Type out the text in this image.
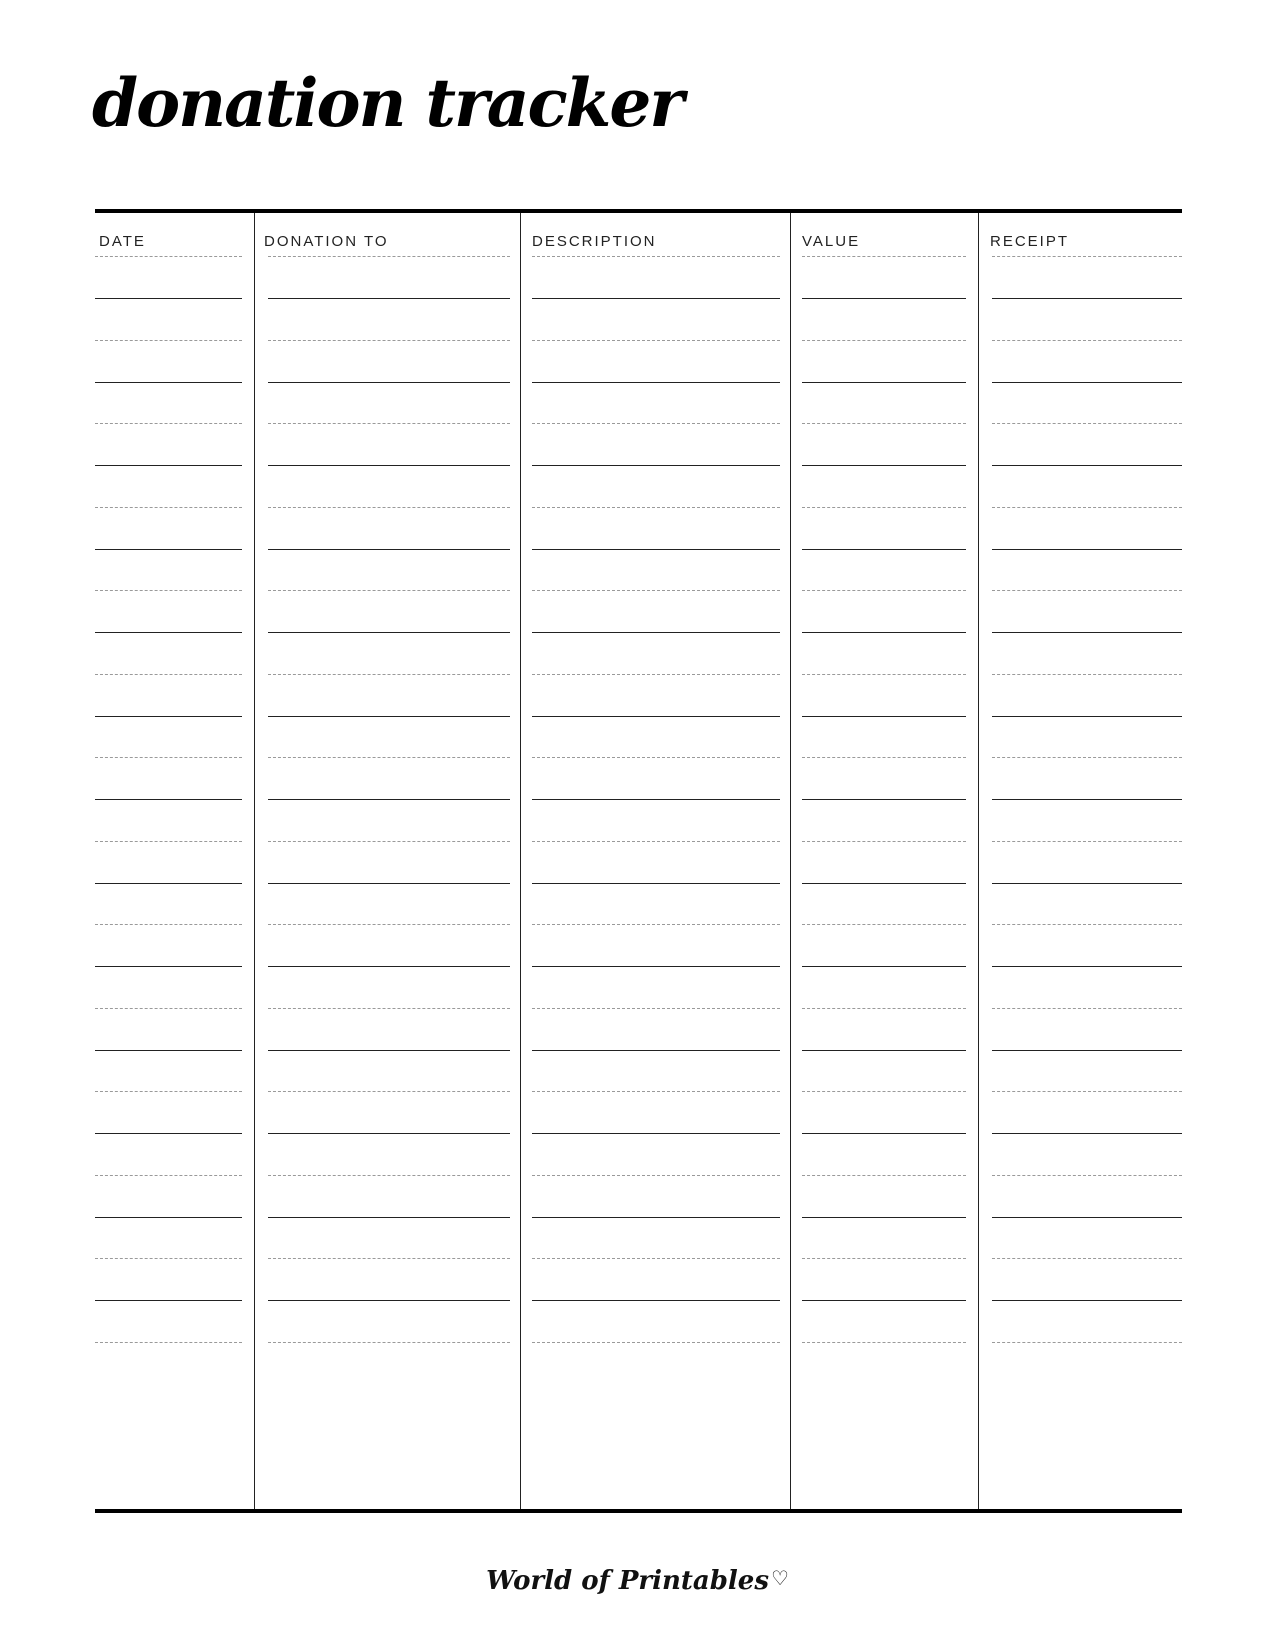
donation tracker
DATE	DONATION TO	DESCRIPTION	VALUE	RECEIPT
World of Printables ♡
